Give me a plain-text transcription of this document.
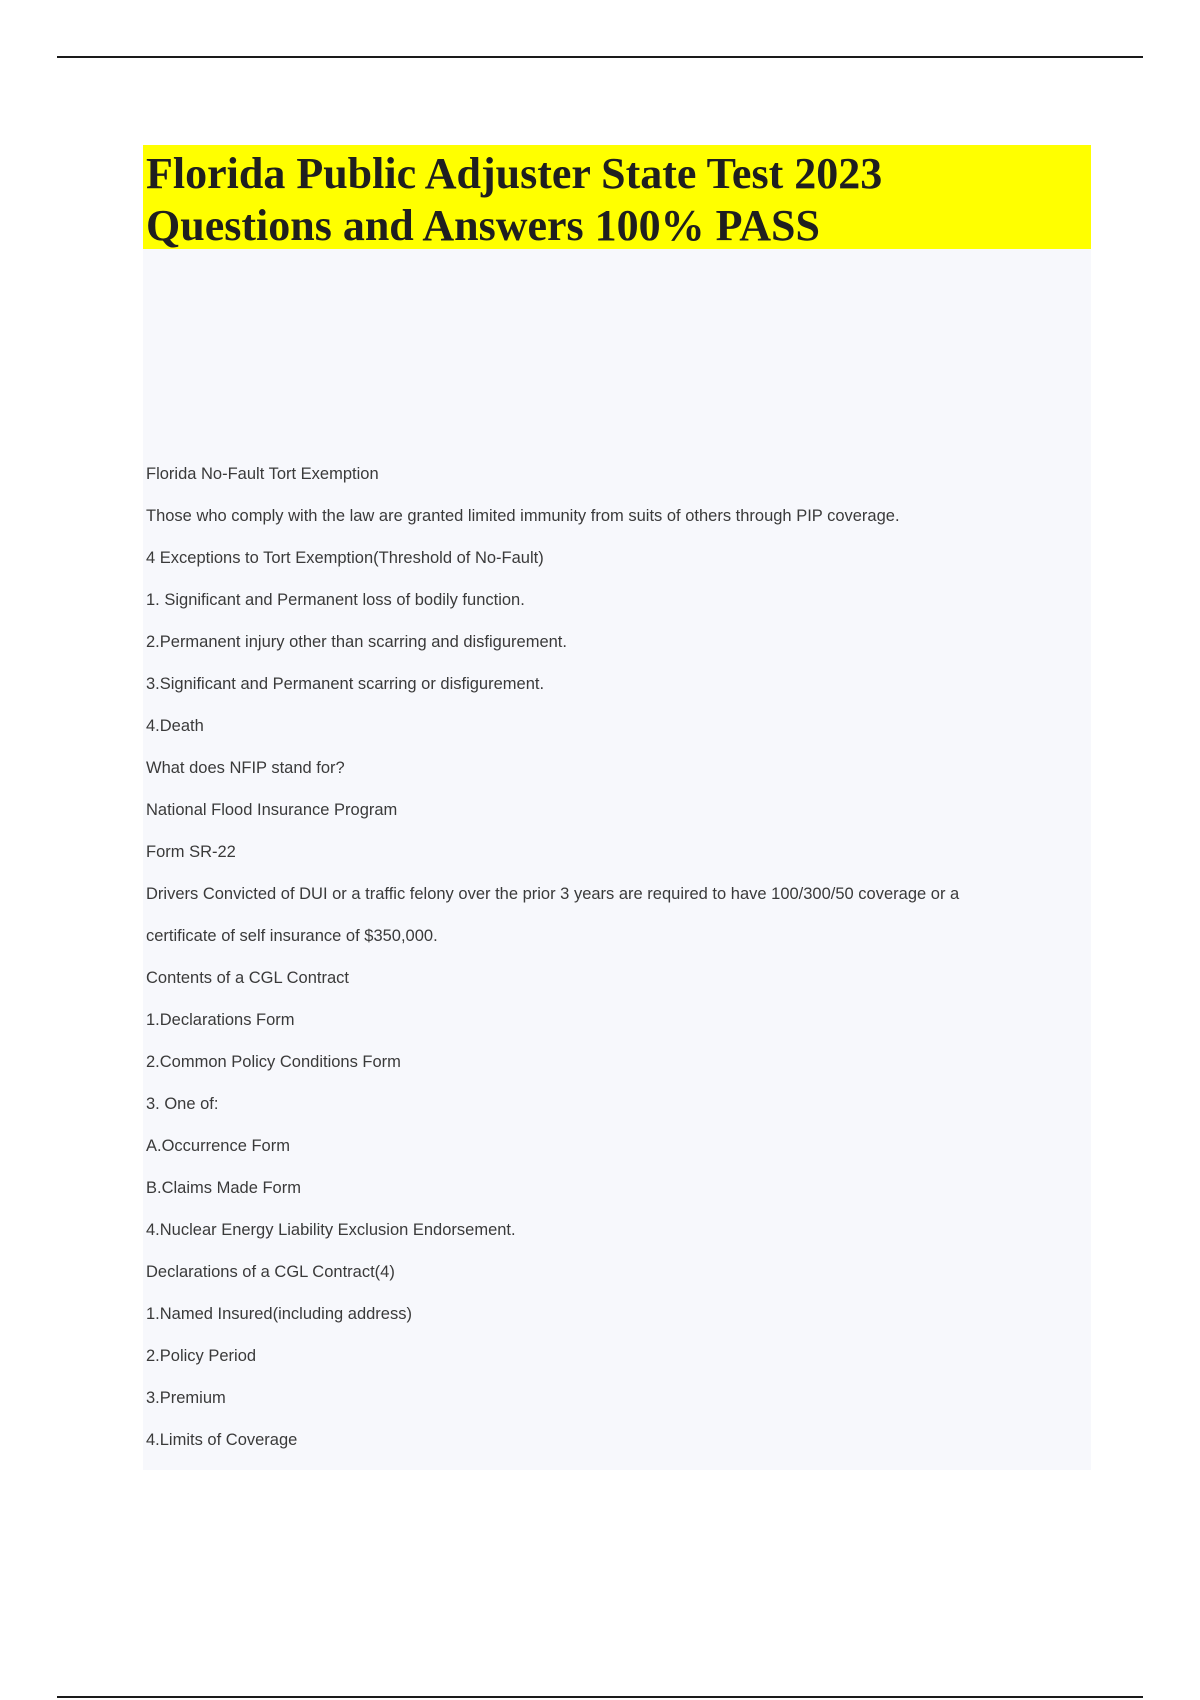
Florida Public Adjuster State Test 2023
Questions and Answers 100% PASS
Florida No-Fault Tort Exemption
Those who comply with the law are granted limited immunity from suits of others through PIP coverage.
4 Exceptions to Tort Exemption(Threshold of No-Fault)
1. Significant and Permanent loss of bodily function.
2.Permanent injury other than scarring and disfigurement.
3.Significant and Permanent scarring or disfigurement.
4.Death
What does NFIP stand for?
National Flood Insurance Program
Form SR-22
Drivers Convicted of DUI or a traffic felony over the prior 3 years are required to have 100/300/50 coverage or a
certificate of self insurance of $350,000.
Contents of a CGL Contract
1.Declarations Form
2.Common Policy Conditions Form
3. One of:
A.Occurrence Form
B.Claims Made Form
4.Nuclear Energy Liability Exclusion Endorsement.
Declarations of a CGL Contract(4)
1.Named Insured(including address)
2.Policy Period
3.Premium
4.Limits of Coverage
